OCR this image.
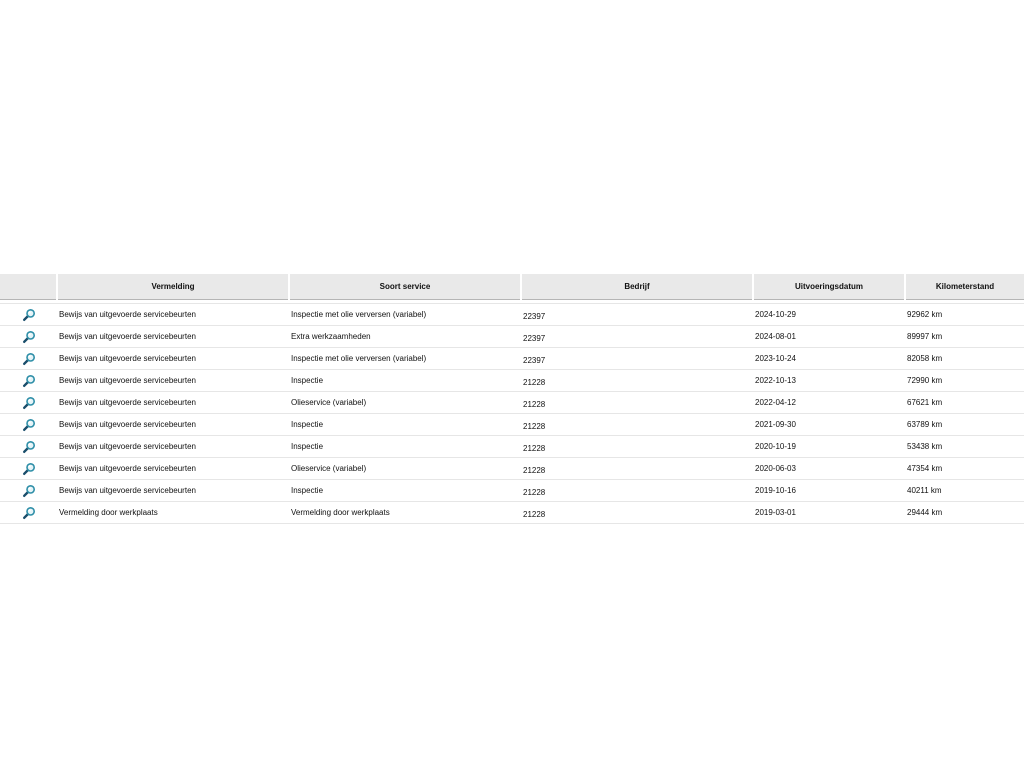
	Vermelding	Soort service	Bedrijf	Uitvoeringsdatum	Kilometerstand

	Bewijs van uitgevoerde servicebeurten	Inspectie met olie verversen (variabel)	22397	2024-10-29	92962 km
	Bewijs van uitgevoerde servicebeurten	Extra werkzaamheden	22397	2024-08-01	89997 km
	Bewijs van uitgevoerde servicebeurten	Inspectie met olie verversen (variabel)	22397	2023-10-24	82058 km
	Bewijs van uitgevoerde servicebeurten	Inspectie	21228	2022-10-13	72990 km
	Bewijs van uitgevoerde servicebeurten	Olieservice (variabel)	21228	2022-04-12	67621 km
	Bewijs van uitgevoerde servicebeurten	Inspectie	21228	2021-09-30	63789 km
	Bewijs van uitgevoerde servicebeurten	Inspectie	21228	2020-10-19	53438 km
	Bewijs van uitgevoerde servicebeurten	Olieservice (variabel)	21228	2020-06-03	47354 km
	Bewijs van uitgevoerde servicebeurten	Inspectie	21228	2019-10-16	40211 km
	Vermelding door werkplaats	Vermelding door werkplaats	21228	2019-03-01	29444 km
